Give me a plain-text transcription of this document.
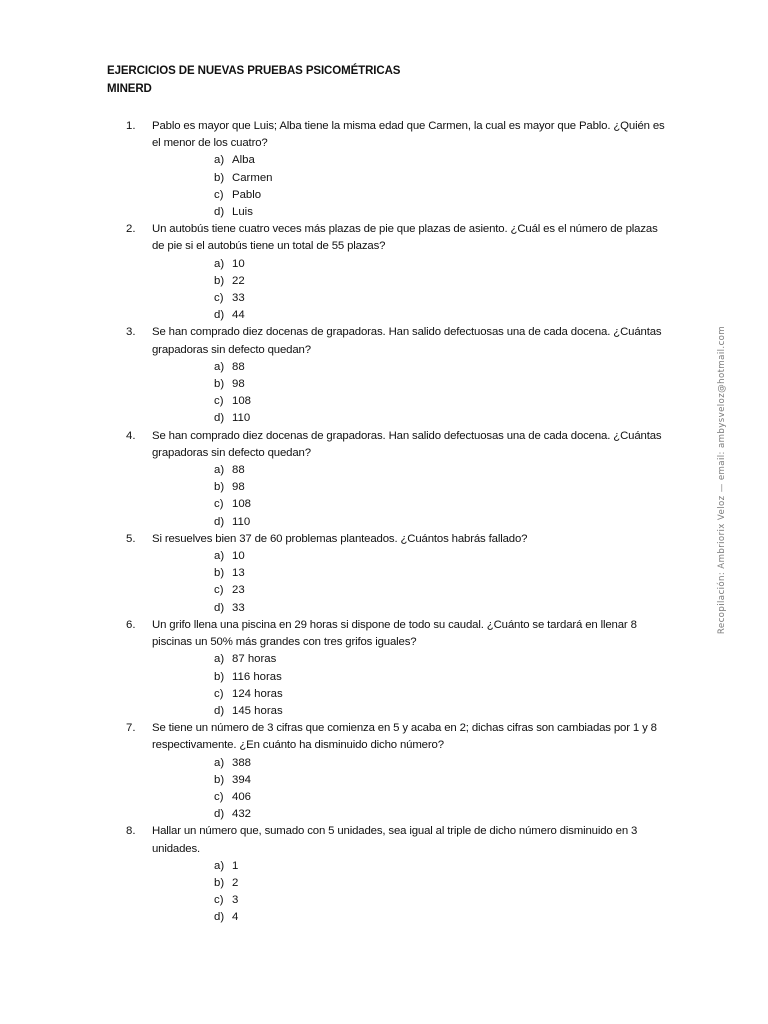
EJERCICIOS DE NUEVAS PRUEBAS PSICOMÉTRICAS
MINERD
1. Pablo es mayor que Luis; Alba tiene la misma edad que Carmen, la cual es mayor que Pablo. ¿Quién es el menor de los cuatro?

a) Alba
b) Carmen
c) Pablo
d) Luis
2. Un autobús tiene cuatro veces más plazas de pie que plazas de asiento. ¿Cuál es el número de plazas de pie si el autobús tiene un total de 55 plazas?

a) 10
b) 22
c) 33
d) 44
3. Se han comprado diez docenas de grapadoras. Han salido defectuosas una de cada docena. ¿Cuántas grapadoras sin defecto quedan?

a) 88
b) 98
c) 108
d) 110
4. Se han comprado diez docenas de grapadoras. Han salido defectuosas una de cada docena. ¿Cuántas grapadoras sin defecto quedan?

a) 88
b) 98
c) 108
d) 110
5. Si resuelves bien 37 de 60 problemas planteados. ¿Cuántos habrás fallado?

a) 10
b) 13
c) 23
d) 33
6. Un grifo llena una piscina en 29 horas si dispone de todo su caudal. ¿Cuánto se tardará en llenar 8 piscinas un 50% más grandes con tres grifos iguales?

a) 87 horas
b) 116 horas
c) 124 horas
d) 145 horas
7. Se tiene un número de 3 cifras que comienza en 5 y acaba en 2; dichas cifras son cambiadas por 1 y 8 respectivamente. ¿En cuánto ha disminuido dicho número?

a) 388
b) 394
c) 406
d) 432
8. Hallar un número que, sumado con 5 unidades, sea igual al triple de dicho número disminuido en 3 unidades.

a) 1
b) 2
c) 3
d) 4
Recopilación: Ambriorix Veloz — email: ambysveloz@hotmail.com
